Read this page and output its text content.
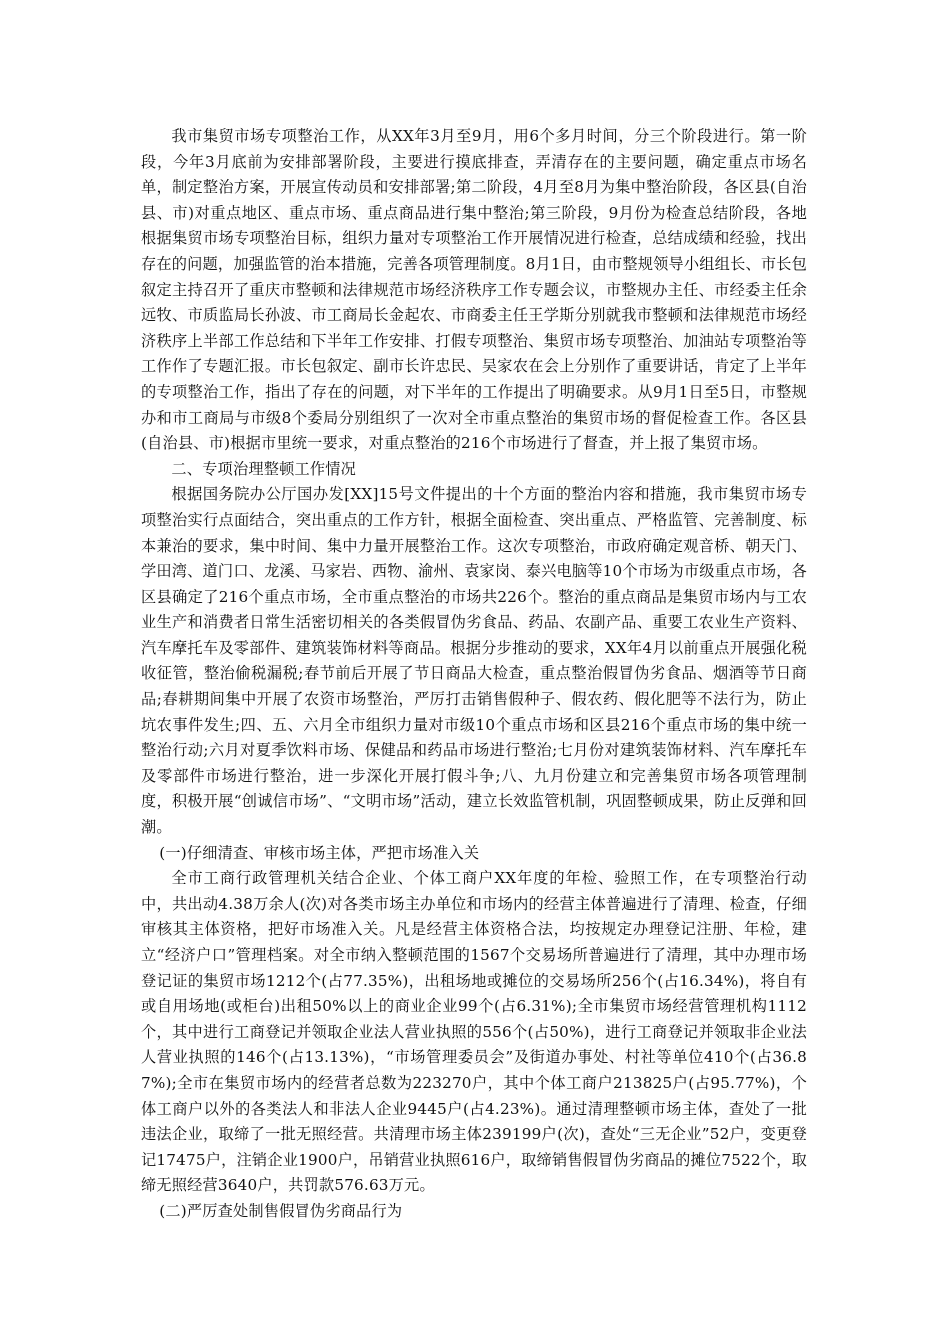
我市集贸市场专项整治工作，从XX年3月至9月，用6个多月时间，分三个阶段进行。第一阶段，今年3月底前为安排部署阶段，主要进行摸底排查，弄清存在的主要问题，确定重点市场名单，制定整治方案，开展宣传动员和安排部署;第二阶段，4月至8月为集中整治阶段，各区县(自治县、市)对重点地区、重点市场、重点商品进行集中整治;第三阶段，9月份为检查总结阶段，各地根据集贸市场专项整治目标，组织力量对专项整治工作开展情况进行检查，总结成绩和经验，找出存在的问题，加强监管的治本措施，完善各项管理制度。8月1日，由市整规领导小组组长、市长包叙定主持召开了重庆市整顿和法律规范市场经济秩序工作专题会议，市整规办主任、市经委主任余远牧、市质监局长孙波、市工商局长金起农、市商委主任王学斯分别就我市整顿和法律规范市场经济秩序上半部工作总结和下半年工作安排、打假专项整治、集贸市场专项整治、加油站专项整治等工作作了专题汇报。市长包叙定、副市长许忠民、吴家农在会上分别作了重要讲话，肯定了上半年的专项整治工作，指出了存在的问题，对下半年的工作提出了明确要求。从9月1日至5日，市整规办和市工商局与市级8个委局分别组织了一次对全市重点整治的集贸市场的督促检查工作。各区县(自治县、市)根据市里统一要求，对重点整治的216个市场进行了督查，并上报了集贸市场。

二、专项治理整顿工作情况

根据国务院办公厅国办发[XX]15号文件提出的十个方面的整治内容和措施，我市集贸市场专项整治实行点面结合，突出重点的工作方针，根据全面检查、突出重点、严格监管、完善制度、标本兼治的要求，集中时间、集中力量开展整治工作。这次专项整治，市政府确定观音桥、朝天门、学田湾、道门口、龙溪、马家岩、西物、渝州、袁家岗、泰兴电脑等10个市场为市级重点市场，各区县确定了216个重点市场，全市重点整治的市场共226个。整治的重点商品是集贸市场内与工农业生产和消费者日常生活密切相关的各类假冒伪劣食品、药品、农副产品、重要工农业生产资料、汽车摩托车及零部件、建筑装饰材料等商品。根据分步推动的要求，XX年4月以前重点开展强化税收征管，整治偷税漏税;春节前后开展了节日商品大检查，重点整治假冒伪劣食品、烟酒等节日商品;春耕期间集中开展了农资市场整治，严厉打击销售假种子、假农药、假化肥等不法行为，防止坑农事件发生;四、五、六月全市组织力量对市级10个重点市场和区县216个重点市场的集中统一整治行动;六月对夏季饮料市场、保健品和药品市场进行整治;七月份对建筑装饰材料、汽车摩托车及零部件市场进行整治，进一步深化开展打假斗争;八、九月份建立和完善集贸市场各项管理制度，积极开展“创诚信市场”、“文明市场”活动，建立长效监管机制，巩固整顿成果，防止反弹和回潮。

(一)仔细清查、审核市场主体，严把市场准入关

全市工商行政管理机关结合企业、个体工商户XX年度的年检、验照工作，在专项整治行动中，共出动4.38万余人(次)对各类市场主办单位和市场内的经营主体普遍进行了清理、检查，仔细审核其主体资格，把好市场准入关。凡是经营主体资格合法，均按规定办理登记注册、年检，建立“经济户口”管理档案。对全市纳入整顿范围的1567个交易场所普遍进行了清理，其中办理市场登记证的集贸市场1212个(占77.35%)，出租场地或摊位的交易场所256个(占16.34%)，将自有或自用场地(或柜台)出租50%以上的商业企业99个(占6.31%);全市集贸市场经营管理机构1112个，其中进行工商登记并领取企业法人营业执照的556个(占50%)，进行工商登记并领取非企业法人营业执照的146个(占13.13%)，“市场管理委员会”及街道办事处、村社等单位410个(占36.87%);全市在集贸市场内的经营者总数为223270户，其中个体工商户213825户(占95.77%)，个体工商户以外的各类法人和非法人企业9445户(占4.23%)。通过清理整顿市场主体，查处了一批违法企业，取缔了一批无照经营。共清理市场主体239199户(次)，查处“三无企业”52户，变更登记17475户，注销企业1900户，吊销营业执照616户，取缔销售假冒伪劣商品的摊位7522个，取缔无照经营3640户，共罚款576.63万元。

(二)严厉查处制售假冒伪劣商品行为
